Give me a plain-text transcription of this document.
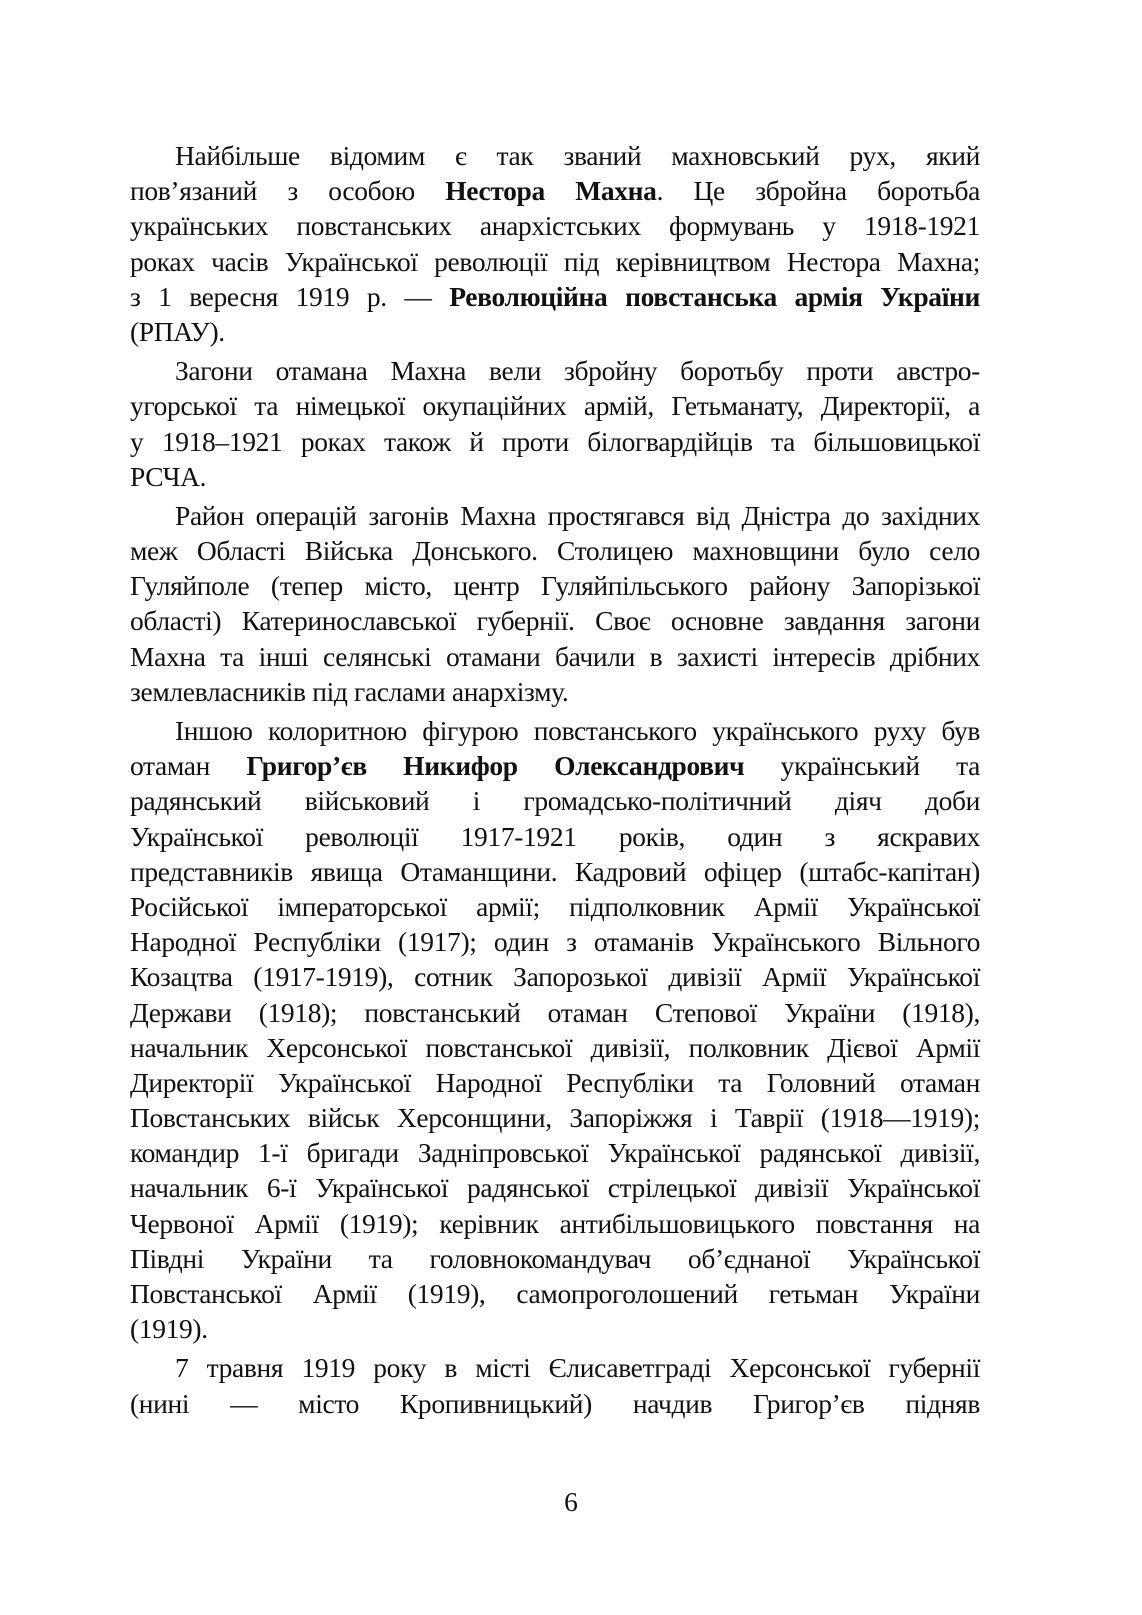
Найбільше відомим є так званий махновський рух, який
пов’язаний з особою Нестора Махна. Це збройна боротьба
українських повстанських анархістських формувань у 1918-1921
роках часів Української революції під керівництвом Нестора Махна;
з 1 вересня 1919 р. — Революційна повстанська армія України
(РПАУ).
Загони отамана Махна вели збройну боротьбу проти австро-
угорської та німецької окупаційних армій, Гетьманату, Директорії, а
у 1918–1921 роках також й проти білогвардійців та більшовицької
РСЧА.
Район операцій загонів Махна простягався від Дністра до західних
меж Області Війська Донського. Столицею махновщини було село
Гуляйполе (тепер місто, центр Гуляйпільського району Запорізької
області) Катеринославської губернії. Своє основне завдання загони
Махна та інші селянські отамани бачили в захисті інтересів дрібних
землевласників під гаслами анархізму.
Іншою колоритною фігурою повстанського українського руху був
отаман Григор’єв Никифор Олександрович український та
радянський військовий і громадсько-політичний діяч доби
Української революції 1917-1921 років, один з яскравих
представників явища Отаманщини. Кадровий офіцер (штабс-капітан)
Російської імператорської армії; підполковник Армії Української
Народної Республіки (1917); один з отаманів Українського Вільного
Козацтва (1917-1919), сотник Запорозької дивізії Армії Української
Держави (1918); повстанський отаман Степової України (1918),
начальник Херсонської повстанської дивізії, полковник Дієвої Армії
Директорії Української Народної Республіки та Головний отаман
Повстанських військ Херсонщини, Запоріжжя і Таврії (1918—1919);
командир 1-ї бригади Задніпровської Української радянської дивізії,
начальник 6-ї Української радянської стрілецької дивізії Української
Червоної Армії (1919); керівник антибільшовицького повстання на
Півдні України та головнокомандувач об’єднаної Української
Повстанської Армії (1919), самопроголошений гетьман України
(1919).
7 травня 1919 року в місті Єлисаветграді Херсонської губернії
(нині — місто Кропивницький) начдив Григор’єв підняв
6
